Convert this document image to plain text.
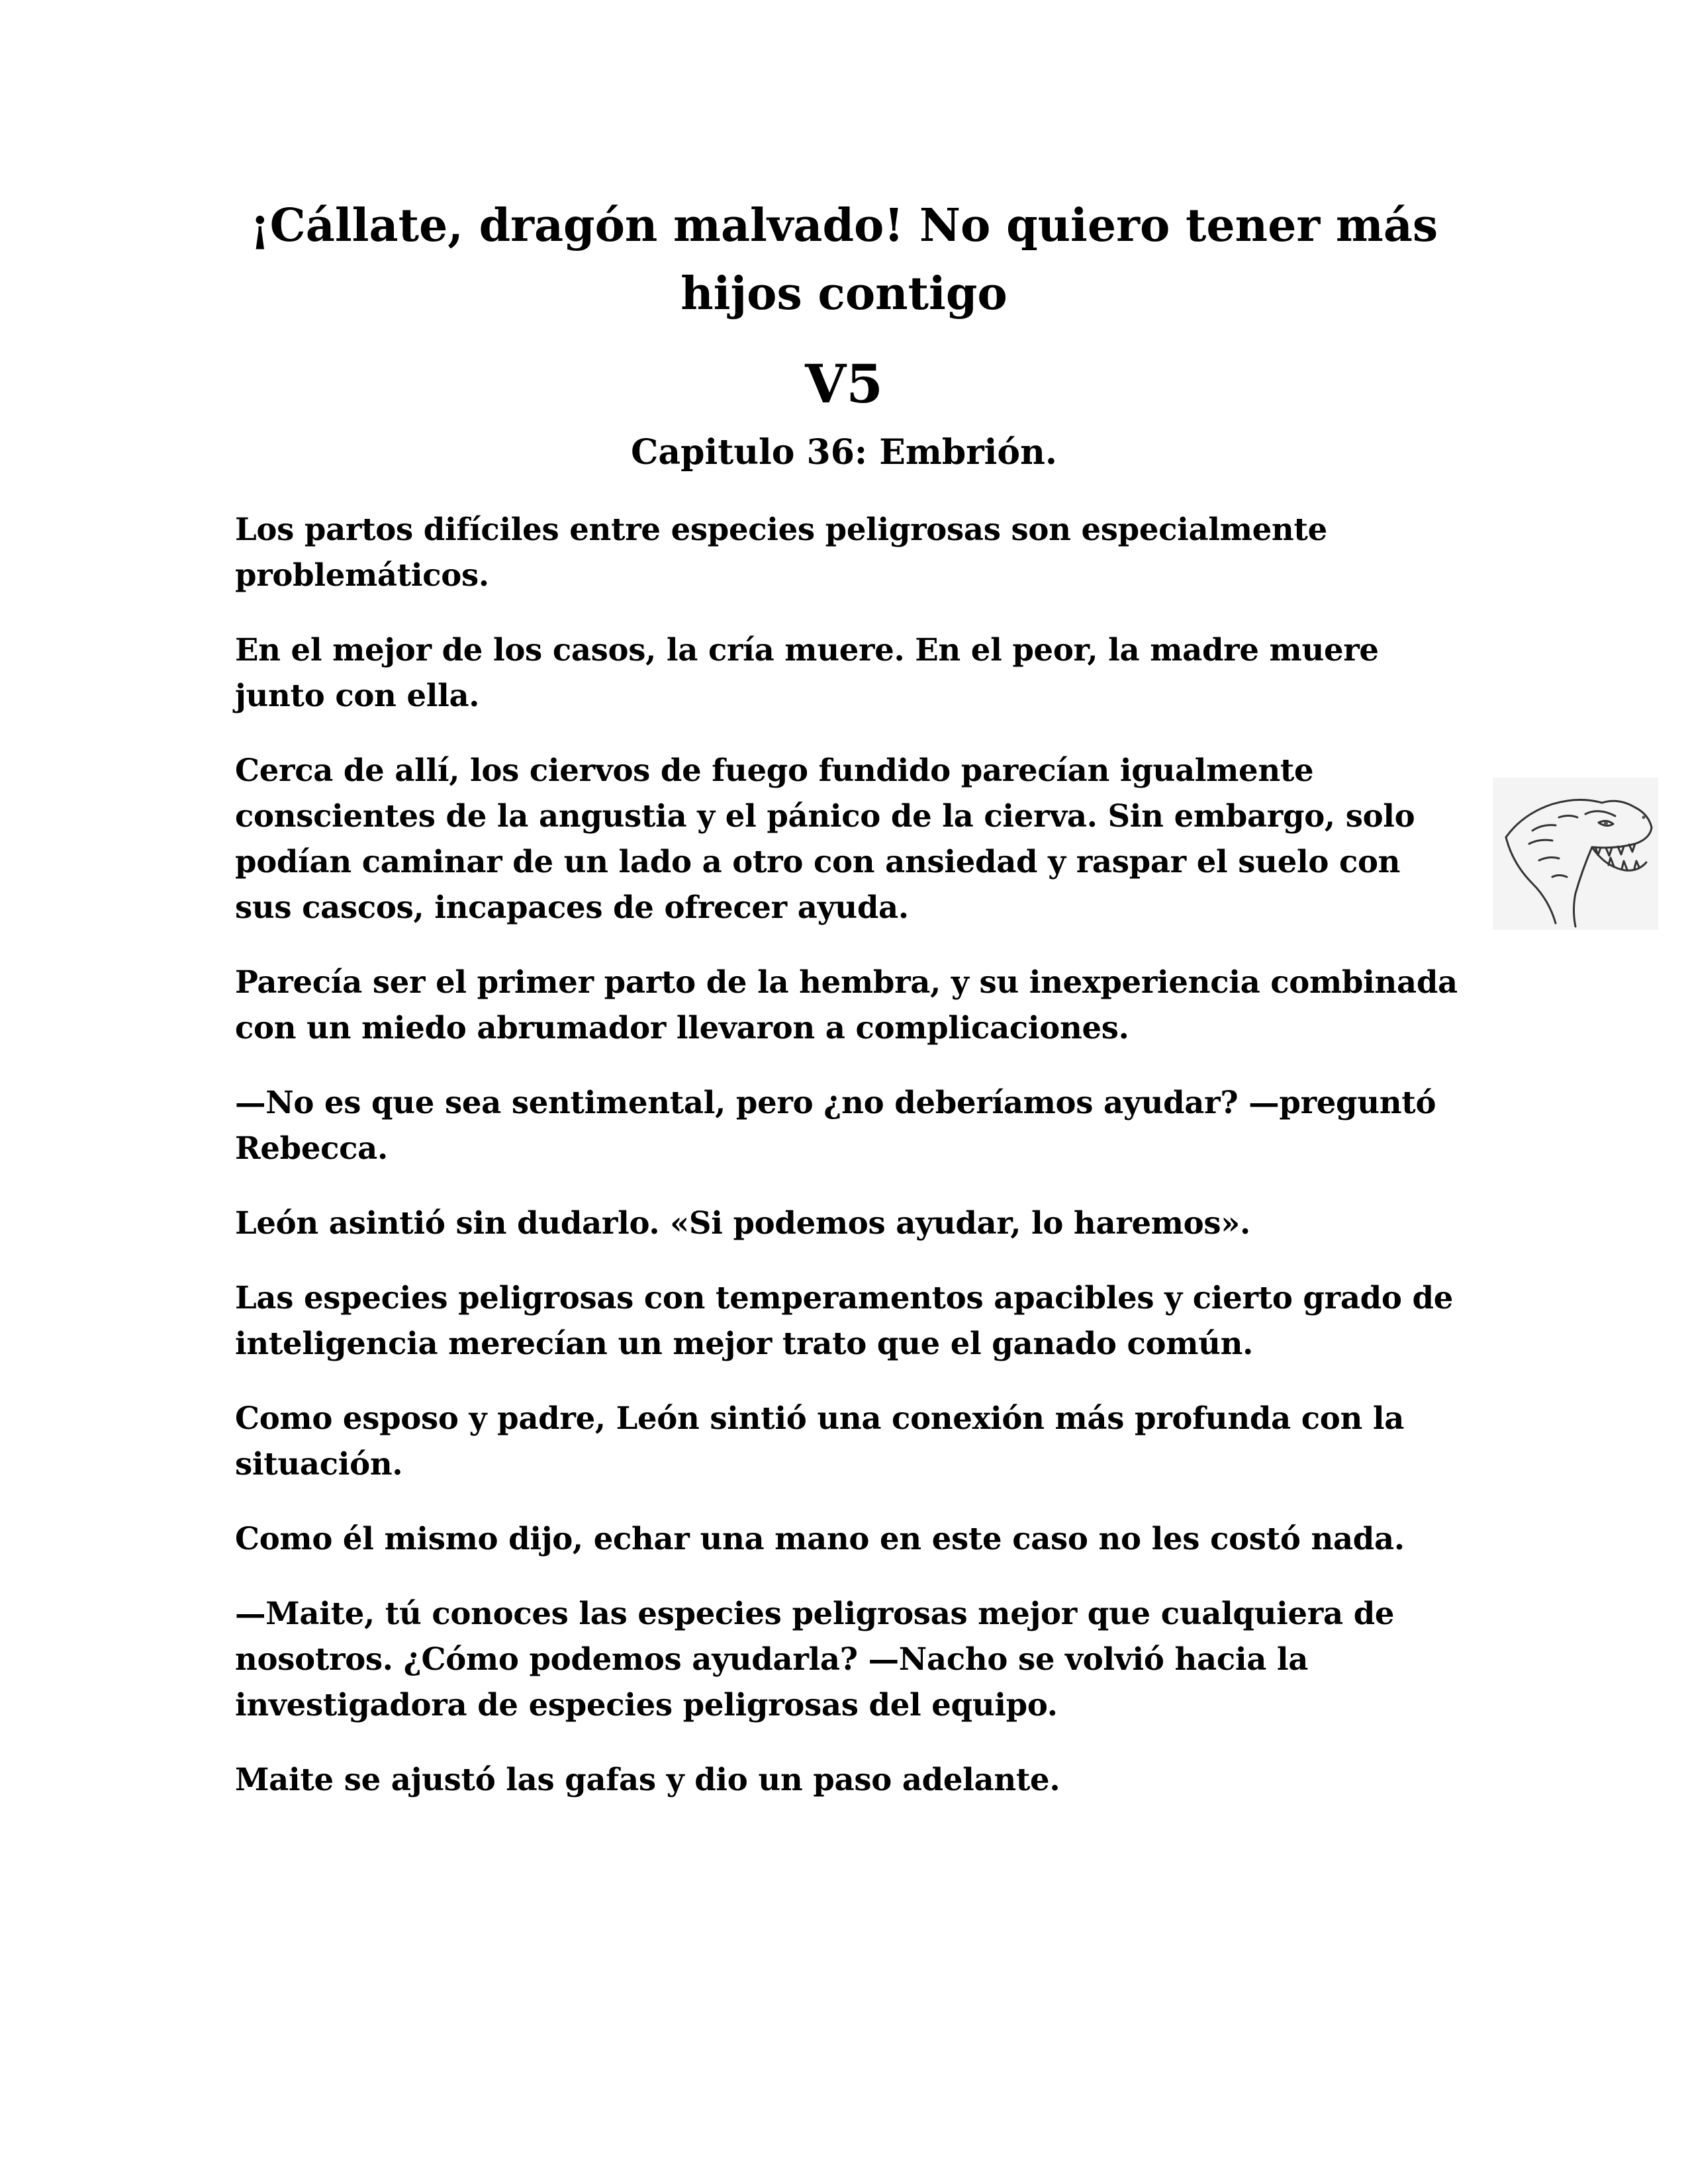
¡Cállate, dragón malvado! No quiero tener más hijos contigo
V5
Capitulo 36: Embrión.

Los partos difíciles entre especies peligrosas son especialmente problemáticos.

En el mejor de los casos, la cría muere. En el peor, la madre muere junto con ella.

Cerca de allí, los ciervos de fuego fundido parecían igualmente conscientes de la angustia y el pánico de la cierva. Sin embargo, solo podían caminar de un lado a otro con ansiedad y raspar el suelo con sus cascos, incapaces de ofrecer ayuda.

Parecía ser el primer parto de la hembra, y su inexperiencia combinada con un miedo abrumador llevaron a complicaciones.

—No es que sea sentimental, pero ¿no deberíamos ayudar? —preguntó Rebecca.

León asintió sin dudarlo. «Si podemos ayudar, lo haremos».

Las especies peligrosas con temperamentos apacibles y cierto grado de inteligencia merecían un mejor trato que el ganado común.

Como esposo y padre, León sintió una conexión más profunda con la situación.

Como él mismo dijo, echar una mano en este caso no les costó nada.

—Maite, tú conoces las especies peligrosas mejor que cualquiera de nosotros. ¿Cómo podemos ayudarla? —Nacho se volvió hacia la investigadora de especies peligrosas del equipo.

Maite se ajustó las gafas y dio un paso adelante.
